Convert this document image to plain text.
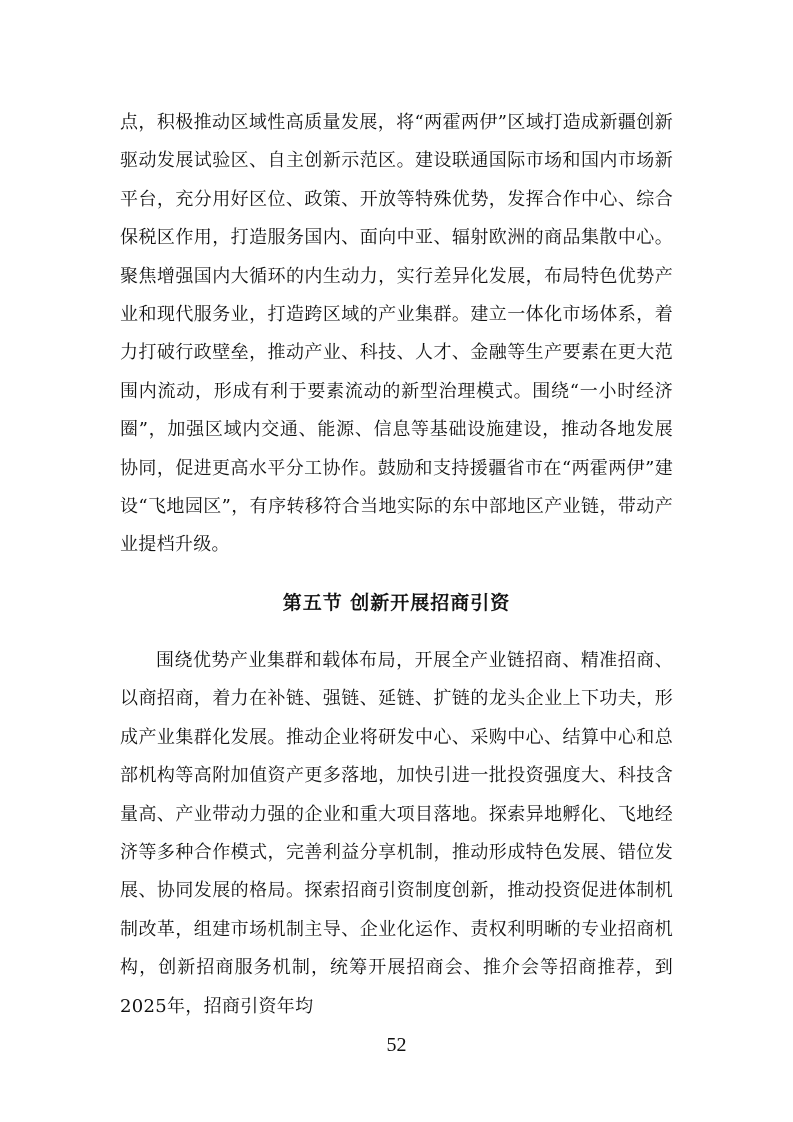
点，积极推动区域性高质量发展，将“两霍两伊”区域打造成新疆创新驱动发展试验区、自主创新示范区。建设联通国际市场和国内市场新平台，充分用好区位、政策、开放等特殊优势，发挥合作中心、综合保税区作用，打造服务国内、面向中亚、辐射欧洲的商品集散中心。聚焦增强国内大循环的内生动力，实行差异化发展，布局特色优势产业和现代服务业，打造跨区域的产业集群。建立一体化市场体系，着力打破行政壁垒，推动产业、科技、人才、金融等生产要素在更大范围内流动，形成有利于要素流动的新型治理模式。围绕“一小时经济圈”，加强区域内交通、能源、信息等基础设施建设，推动各地发展协同，促进更高水平分工协作。鼓励和支持援疆省市在“两霍两伊”建设“飞地园区”，有序转移符合当地实际的东中部地区产业链，带动产业提档升级。

第五节 创新开展招商引资

围绕优势产业集群和载体布局，开展全产业链招商、精准招商、以商招商，着力在补链、强链、延链、扩链的龙头企业上下功夫，形成产业集群化发展。推动企业将研发中心、采购中心、结算中心和总部机构等高附加值资产更多落地，加快引进一批投资强度大、科技含量高、产业带动力强的企业和重大项目落地。探索异地孵化、飞地经济等多种合作模式，完善利益分享机制，推动形成特色发展、错位发展、协同发展的格局。探索招商引资制度创新，推动投资促进体制机制改革，组建市场机制主导、企业化运作、责权利明晰的专业招商机构，创新招商服务机制，统筹开展招商会、推介会等招商推荐，到2025年，招商引资年均

52
